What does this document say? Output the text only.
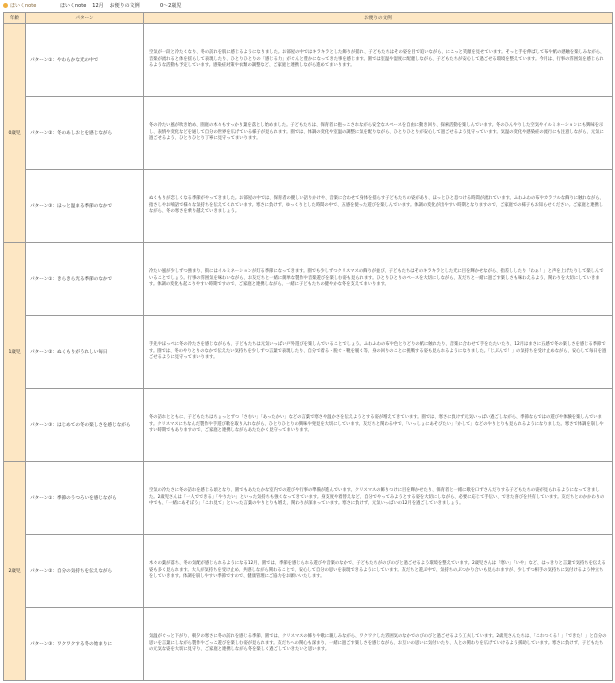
ほいくnote	ほいくnote 12月 お便りの文例	0〜2歳児
年齢	パターン	お便りの文例
0歳児	パターン①：やわらかな光の中で	空気が一段と冷たくなり、冬の訪れを肌に感じるようになりました。お部屋の中ではキラキラとした飾りが揺れ、子どもたちはその姿を目で追いながら、にこっと笑顔を見せています。そっと手を伸ばして布や紙の感触を楽しみながら、音楽が流れると体を揺らして表現したり、ひとりひとりの「感じる力」がぐんと豊かになってきた事を感じます。園では室温や湿度に配慮しながら、子どもたちが安心して過ごせる環境を整えています。今月は、行事の雰囲気を感じられるような活動も予定しています。感染症対策や衣類の調整など、ご家庭と連携しながら進めてまいります。
	パターン②：冬のあしおとを感じながら	冬の冷たい風が吹き始め、園庭の木々もすっかり葉を落とし始めました。子どもたちは、保育者に抱っこされながら安全なスペースを自由に動き回り、探索活動を楽しんでいます。冬のひんやりした空気やイルミネーションにも興味を示し、表情や変化などを通して自分の世界を広げている様子が見られます。園では、体調の変化や室温の調整に気を配りながら、ひとりひとりが安心して過ごせるよう見守っています。気温の変化や感染症の流行にも注意しながら、元気に過ごせるよう、ひとりひとり丁寧に見守ってまいります。
	パターン③：ほっと温まる季節のなかで	ぬくもりが恋しくなる季節がやってきました。お部屋の中では、保育者の優しい語りかけや、音楽に合わせて身体を揺らす子どもたちの姿があり、ほっとひと息つける時間が流れています。ふわふわの布やカラフルな飾りに触れながら、指さしやお喃語で様々な気持ちを伝えてくれています。寒さに負けず、ゆっくりとした時間の中で、五感を使った遊びを楽しんでいます。体調の変化が出やすい時期となりますので、ご家庭での様子もお知らせください。ご家庭と連携しながら、冬の寒さを乗り越えていきましょう。
1歳児	パターン①：きらきら光る季節のなかで	冷たい風が少しずつ強まり、街にはイルミネーションが灯る季節になってきます。園でも少しずつクリスマスの飾りが並び、子どもたちはそのキラキラとした光に目を輝かせながら、指差ししたり「わぁ！」と声を上げたりして楽しんでいることでしょう。行事の雰囲気を味わいながら、お友だちと一緒に簡単な製作や音楽遊びを楽しむ姿も見られます。ひとりひとりのペースを大切にしながら、友だちと一緒に過ごす楽しさも味わえるよう、関わりを大切にしていきます。体調の変化も起こりやすい時期ですので、ご家庭と連携しながら、一緒に子どもたちの健やかな冬を支えてまいります。
	パターン②：ぬくもりがうれしい毎日	手先やほっぺに冬の冷たさを感じながらも、子どもたちは元気いっぱい戸外遊びを楽しんでいることでしょう。ふわふわの布や色とりどりの紙に触れたり、音楽に合わせて手をたたいたり、12月はまさに五感で冬の楽しさを感じる季節です。園では、冬のやりとりのなかで伝えたい気持ちを少しずつ言葉で表現したり、自分で着る・脱ぐ・靴を履く等、身の回りのことに挑戦する姿も見られるようになりました。「じぶんで！」の気持ちを受け止めながら、安心して毎日を過ごせるように見守ってまいります。
	パターン③：はじめての冬の楽しさを感じながら	冬の訪れとともに、子どもたちはちょっとずつ「さむい」「あったかい」などの言葉で寒さや温かさを伝えようとする姿が増えてきています。園では、寒さに負けず元気いっぱい過ごしながら、季節ならではの遊びや体験を楽しんでいます。クリスマスにちなんだ製作や手遊び歌を取り入れながら、ひとりひとりの興味や発見を大切にしています。友だちと関わる中で、「いっしょにあそびたい」「かして」などのやりとりも見られるようになりました。寒さで体調を崩しやすい時期でもありますので、ご家庭と連携しながらあたたかく見守ってまいります。
2歳児	パターン①：季節のうつろいを感じながら	空気の冷たさに冬の訪れを感じる頃となり、園でもあたたかな室内での遊びや行事の準備が進んでいます。クリスマスの飾りつけに目を輝かせたり、保育者と一緒に歌を口ずさんだりする子どもたちの姿が見られるようになってきました。2歳児さんは「一人でできる」「やりたい」といった気持ちも強くなってきています。身支度や着替えなど、自分でやってみようとする姿を大切にしながら、必要に応じて手伝い、できた喜びを共有しています。友だちとのかかわりの中でも、「一緒にあそぼう」「これ見て」といった言葉のやりとりも増え、関わりが深まっています。寒さに負けず、元気いっぱいの12月を過ごしていきましょう。
	パターン②：自分の気持ちを伝えながら	木々の葉が落ち、冬の気配が感じられるようになる12月、園では、季節を感じられる遊びや音楽のなかで、子どもたちがのびのびと過ごせるよう環境を整えています。2歳児さんは「寒い」「いや」など、はっきりと言葉で気持ちを伝える姿も多く見られます。大人が気持ちを受け止め、共感しながら関わることで、安心して自分の思いを表現できるようにしています。友だちと遊ぶ中で、気持ちのぶつかり合いも見られますが、少しずつ相手の気持ちに気付けるよう仲立ちをしていきます。体調を崩しやすい季節ですので、健康管理にご協力をお願いいたします。
	パターン③：ワクワクする冬の始まりに	気温がぐっと下がり、朝夕の寒さに冬の訪れを感じる季節、園では、クリスマスの飾りや歌に親しみながら、ワクワクした雰囲気のなかでのびのびと過ごせるよう工夫しています。2歳児さんたちは、「これつくる！」「できた！」と自分の思いを言葉にしながら製作やごっこ遊びを楽しむ姿が見られます。友だちへの関心も深まり、一緒に過ごす楽しさを感じながら、お互いの思いに気付いたり、人との関わりを広げていけるよう援助しています。寒さに負けず、子どもたちの元気な姿を大切に見守り、ご家庭と連携しながら冬を楽しく過ごしていきたいと思います。
